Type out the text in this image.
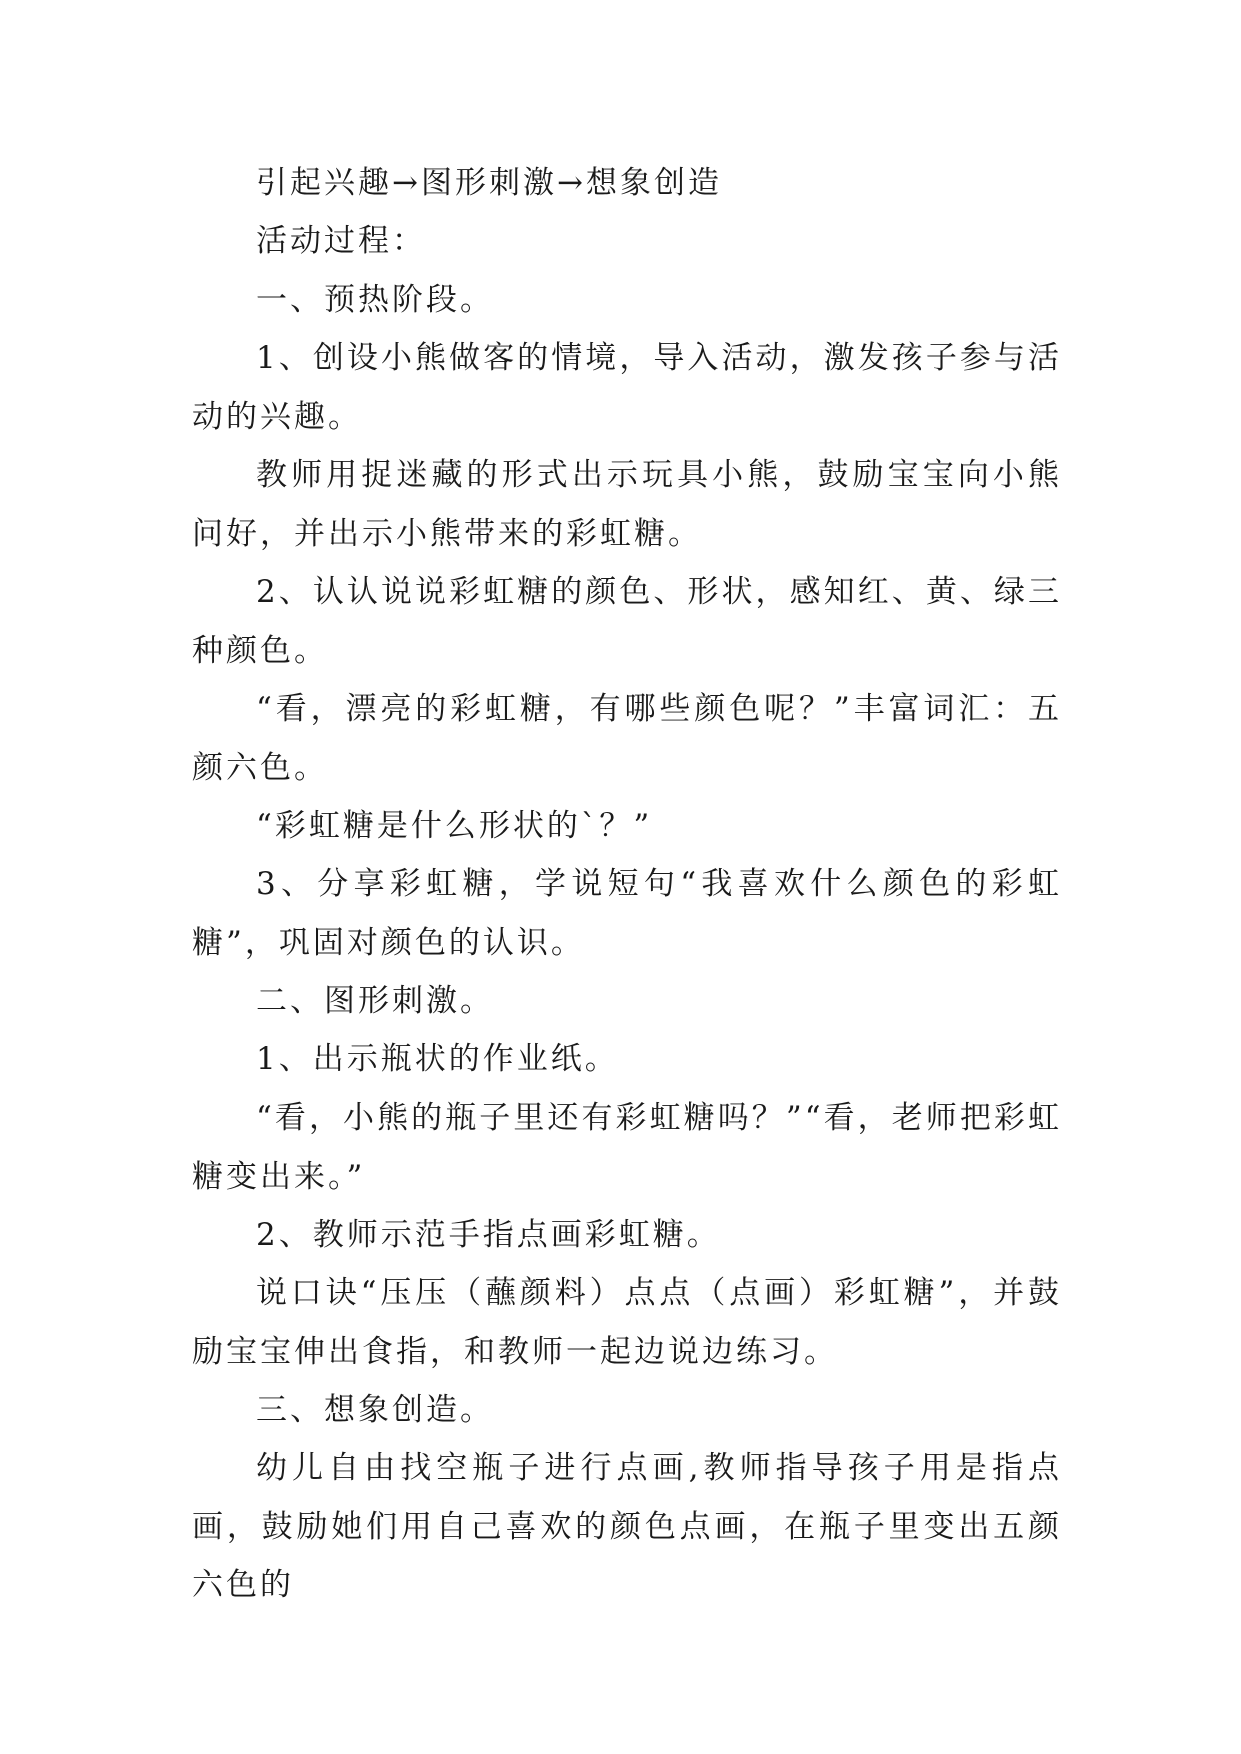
引起兴趣→图形刺激→想象创造

活动过程：

一、预热阶段。

1、创设小熊做客的情境，导入活动，激发孩子参与活动的兴趣。

教师用捉迷藏的形式出示玩具小熊，鼓励宝宝向小熊问好，并出示小熊带来的彩虹糖。

2、认认说说彩虹糖的颜色、形状，感知红、黄、绿三种颜色。

“看，漂亮的彩虹糖，有哪些颜色呢？”丰富词汇：五颜六色。

“彩虹糖是什么形状的`？”

3、分享彩虹糖，学说短句“我喜欢什么颜色的彩虹糖”，巩固对颜色的认识。

二、图形刺激。

1、出示瓶状的作业纸。

“看，小熊的瓶子里还有彩虹糖吗？”“看，老师把彩虹糖变出来。”

2、教师示范手指点画彩虹糖。

说口诀“压压（蘸颜料）点点（点画）彩虹糖”，并鼓励宝宝伸出食指，和教师一起边说边练习。

三、想象创造。

幼儿自由找空瓶子进行点画,教师指导孩子用是指点画，鼓励她们用自己喜欢的颜色点画，在瓶子里变出五颜六色的
